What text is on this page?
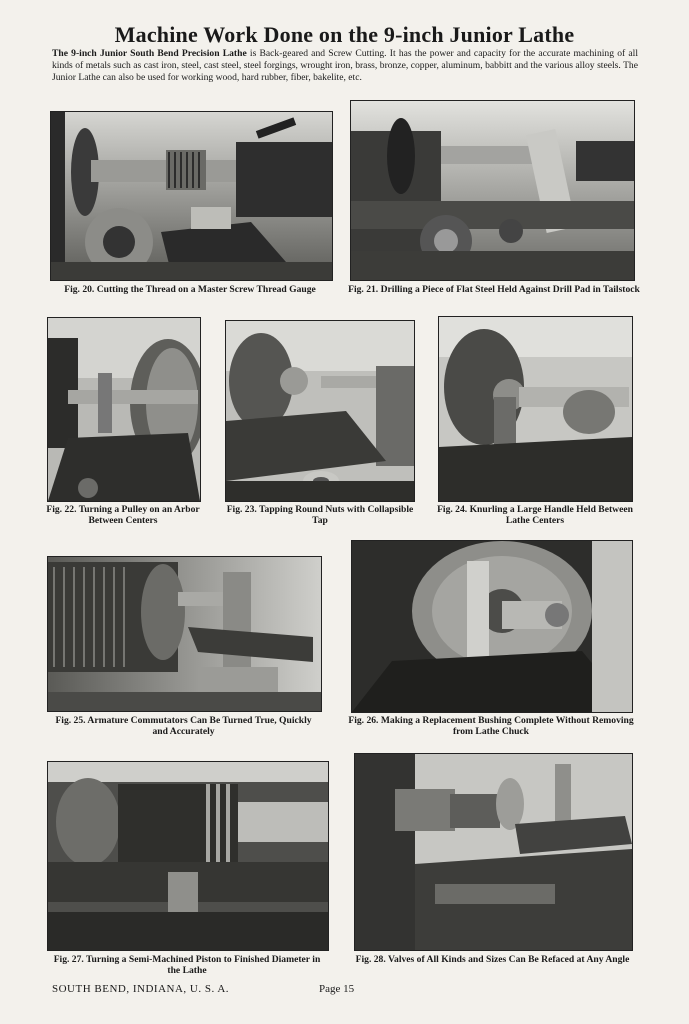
Machine Work Done on the 9-inch Junior Lathe
The 9-inch Junior South Bend Precision Lathe is Back-geared and Screw Cutting. It has the power and capacity for the accurate machining of all kinds of metals such as cast iron, steel, cast steel, steel forgings, wrought iron, brass, bronze, copper, aluminum, babbitt and the various alloy steels. The Junior Lathe can also be used for working wood, hard rubber, fiber, bakelite, etc.
Fig. 20. Cutting the Thread on a Master Screw Thread Gauge	Fig. 21. Drilling a Piece of Flat Steel Held Against Drill Pad in Tailstock
Fig. 22. Turning a Pulley on an Arbor Between Centers
Fig. 23. Tapping Round Nuts with Collapsible Tap
Fig. 24. Knurling a Large Handle Held Between Lathe Centers
Fig. 25. Armature Commutators Can Be Turned True, Quickly and Accurately
Fig. 26. Making a Replacement Bushing Complete Without Removing from Lathe Chuck
Fig. 27. Turning a Semi-Machined Piston to Finished Diameter in the Lathe
Fig. 28. Valves of All Kinds and Sizes Can Be Refaced at Any Angle
SOUTH BEND, INDIANA, U. S. A.	Page 15
